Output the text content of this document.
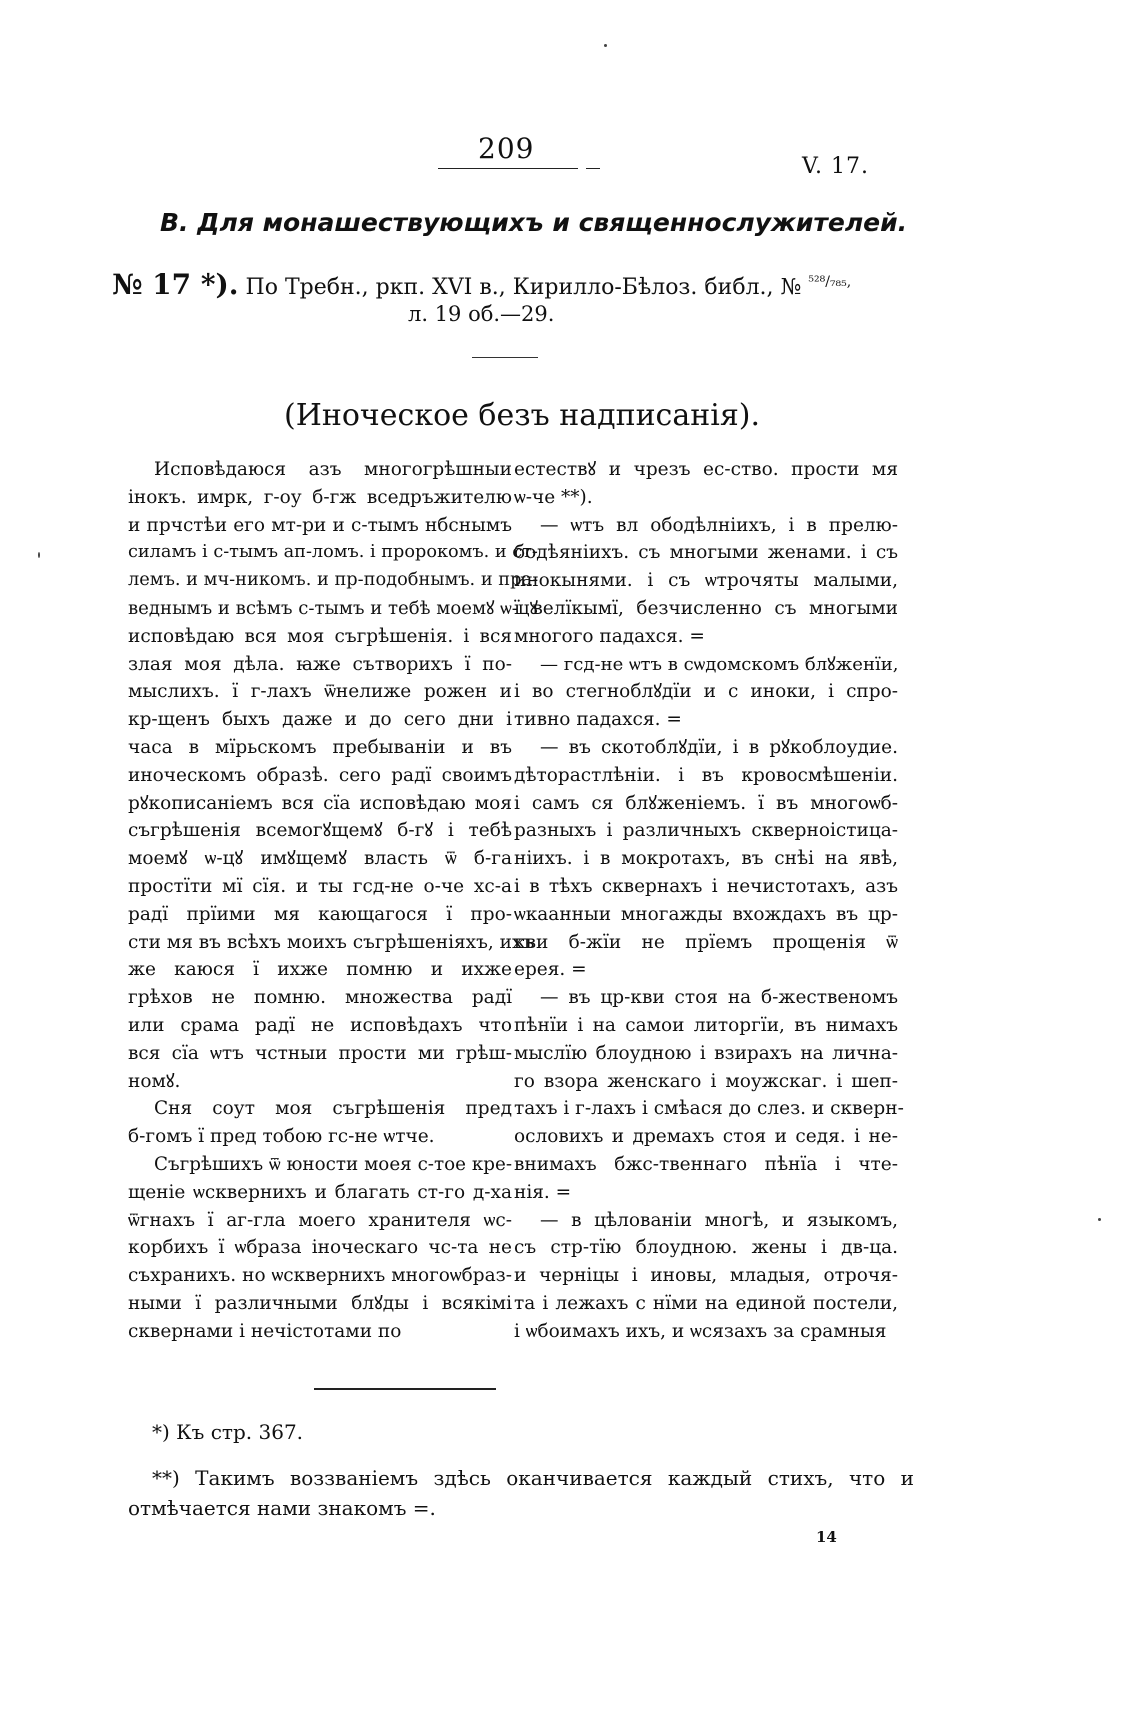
209
V. 17.
В. Для монашествующихъ и священнослужителей.
№ 17 *). По Требн., ркп. XVI в., Кирилло-Бѣлоз. библ., № $^{^{528}/_{785},}$
л. 19 об.—29.
(Иноческое безъ надписанія).
Исповѣдаюся азъ многогрѣшныи
інокъ. имрк, г-оу б-гж вседръжителю
и прчстѣи его мт-ри и с-тымъ нбснымъ
силамъ і с-тымъ ап-ломъ. і пророкомъ. и ст-
лемъ. и мч-никомъ. и пр-подобнымъ. и пра-
веднымъ и всѣмъ с-тымъ и тебѣ моемꙋ ѡ-цꙋ
исповѣдаю вся моя съгрѣшенія. і вся
злая моя дѣла. ꙗже сътворихъ ї по-
мыслихъ. ї г-лахъ ѿнелиже рожен и
кр-щенъ быхъ даже и до сего дни і
часа в мїрьскомъ пребываніи и въ
иноческомъ образѣ. сего радї своимъ
рꙋкописаніемъ вся сїа исповѣдаю моя
съгрѣшенія всемогꙋщемꙋ б-гꙋ і тебѣ
моемꙋ ѡ-цꙋ имꙋщемꙋ власть ѿ б-га
простїти мї сїя. и ты гсд-не о-че хс-а
радї прїими мя кающагося ї про-
сти мя въ всѣхъ моихъ съгрѣшеніяхъ, ихъ
же каюся ї ихже помню и ихже
грѣхов не помню. множества радї
или срама радї не исповѣдахъ что
вся сїа ѡтъ чстныи прости ми грѣш-
номꙋ.
Сня соут моя съгрѣшенія пред
б-гомъ ї пред тобою гс-не ѡтче.
Съгрѣшихъ ѿ юности моея с-тое кре-
щеніе ѡсквернихъ и благать ст-го д-ха
ѿгнахъ ї аг-гла моего хранителя ѡс-
корбихъ ї ѡбраза іноческаго чс-та не
съхранихъ. но ѡсквернихъ многоѡбраз-
ными ї различными блꙋды і всякімі
сквернами і нечістотами по
естествꙋ и чрезъ ес-ство. прости мя
ѡ-че **).
— ѡтъ вл ободѣлніихъ, і в прелю-
бодѣяніихъ. съ многыми женами. і съ
инокынями. і съ ѡтрочяты малыми,
ї велїкымї, безчисленно съ многыми
многого падахся. =
— гсд-не ѡтъ в сѡдомскомъ блꙋженїи,
і во стегноблꙋдїи и с иноки, і спро-
тивно падахся. =
— въ скотоблꙋдїи, і в рꙋкоблоудиe.
дѣторастлѣніи. і въ кровосмѣшеніи.
і самъ ся блꙋженіемъ. ї въ многоѡб-
разныхъ і различныхъ скверноістица-
ніихъ. і в мокротахъ, въ снѣі на явѣ,
і в тѣхъ сквернахъ і нечистотахъ, азъ
ѡкаанныи многажды вхождахъ въ цр-
кви б-жїи не прїемъ прощенія ѿ
ерея. =
— въ цр-кви стоя на б-жественомъ
пѣнїи і на самои литоргїи, въ нимахъ
мыслїю блоудною і взирахъ на лична-
го взора женскаго і моужскаг. і шеп-
тахъ і г-лахъ і смѣася до слез. и скверн-
ословихъ и дремахъ стоя и седя. і не-
внимахъ бжс-твеннаго пѣнїа і чте-
нія. =
— в цѣлованіи многѣ, и языкомъ,
съ стр-тїю блоудною. жены і дв-ца.
и черніцы і иновы, младыя, отрочя-
та і лежахъ с нїми на единой постели,
і ѡбоимахъ ихъ, и ѡсязахъ за срамныя
*) Къ стр. 367.
**) Такимъ воззваніемъ здѣсь оканчивается каждый стихъ, что и
отмѣчается нами знакомъ =.
14
